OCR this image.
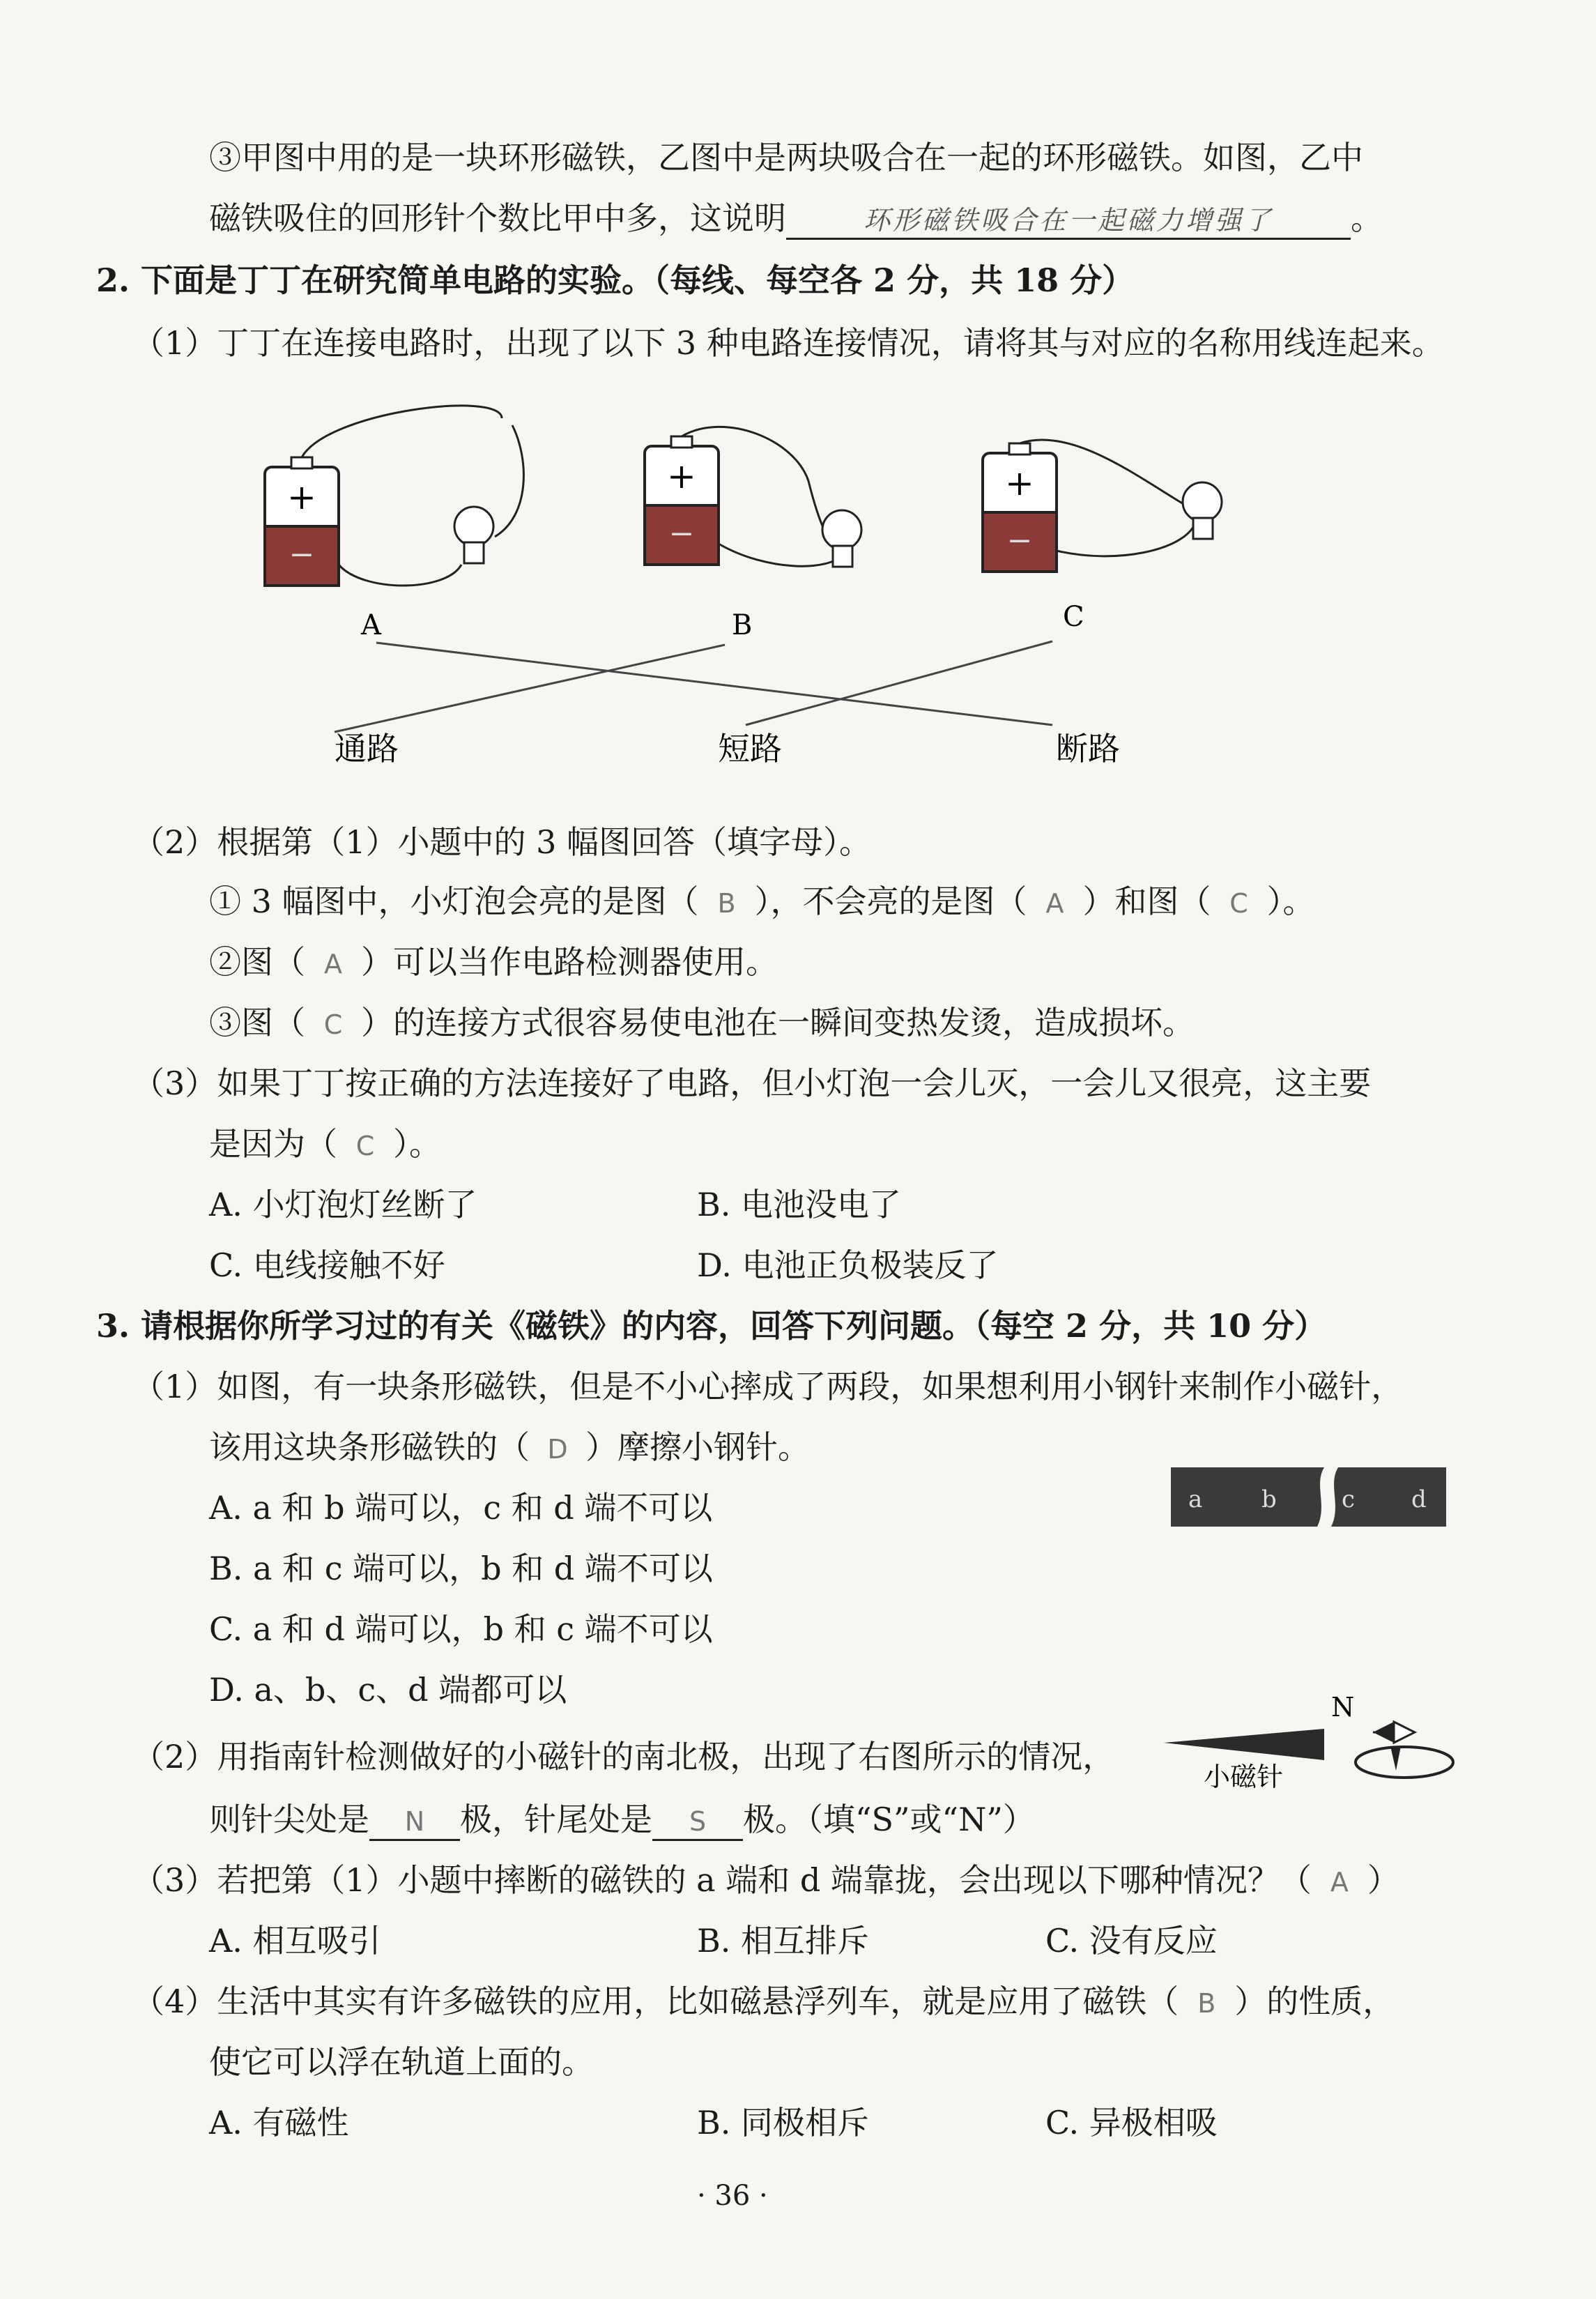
③甲图中用的是一块环形磁铁，乙图中是两块吸合在一起的环形磁铁。如图，乙中
磁铁吸住的回形针个数比甲中多，这说明	环形磁铁吸合在一起磁力增强了 。
2. 下面是丁丁在研究简单电路的实验。（每线、每空各 2 分，共 18 分）
（1）丁丁在连接电路时，出现了以下 3 种电路连接情况，请将其与对应的名称用线连起来。
+
−
+
−
+
−
A	B	C
通路	短路	断路
（2）根据第（1）小题中的 3 幅图回答（填字母）。
① 3 幅图中，小灯泡会亮的是图（ B ），不会亮的是图（ A ）和图（ C ）。
②图（ A ）可以当作电路检测器使用。
③图（ C ）的连接方式很容易使电池在一瞬间变热发烫，造成损坏。
（3）如果丁丁按正确的方法连接好了电路，但小灯泡一会儿灭，一会儿又很亮，这主要
是因为（ C ）。
A. 小灯泡灯丝断了	B. 电池没电了
C. 电线接触不好	D. 电池正负极装反了
3. 请根据你所学习过的有关《磁铁》的内容，回答下列问题。（每空 2 分，共 10 分）
（1）如图，有一块条形磁铁，但是不小心摔成了两段，如果想利用小钢针来制作小磁针，
该用这块条形磁铁的（ D ）摩擦小钢针。
A. a 和 b 端可以，c 和 d 端不可以
B. a 和 c 端可以，b 和 d 端不可以
C. a 和 d 端可以，b 和 c 端不可以
D. a、b、c、d 端都可以
a b	c d
（2）用指南针检测做好的小磁针的南北极，出现了右图所示的情况，
则针尖处是 N 极，针尾处是 S 极。（填“S”或“N”）
小磁针
N
（3）若把第（1）小题中摔断的磁铁的 a 端和 d 端靠拢，会出现以下哪种情况？（ A ）
A. 相互吸引	B. 相互排斥	C. 没有反应
（4）生活中其实有许多磁铁的应用，比如磁悬浮列车，就是应用了磁铁（ B ）的性质，
使它可以浮在轨道上面的。
A. 有磁性	B. 同极相斥	C. 异极相吸
· 36 ·
